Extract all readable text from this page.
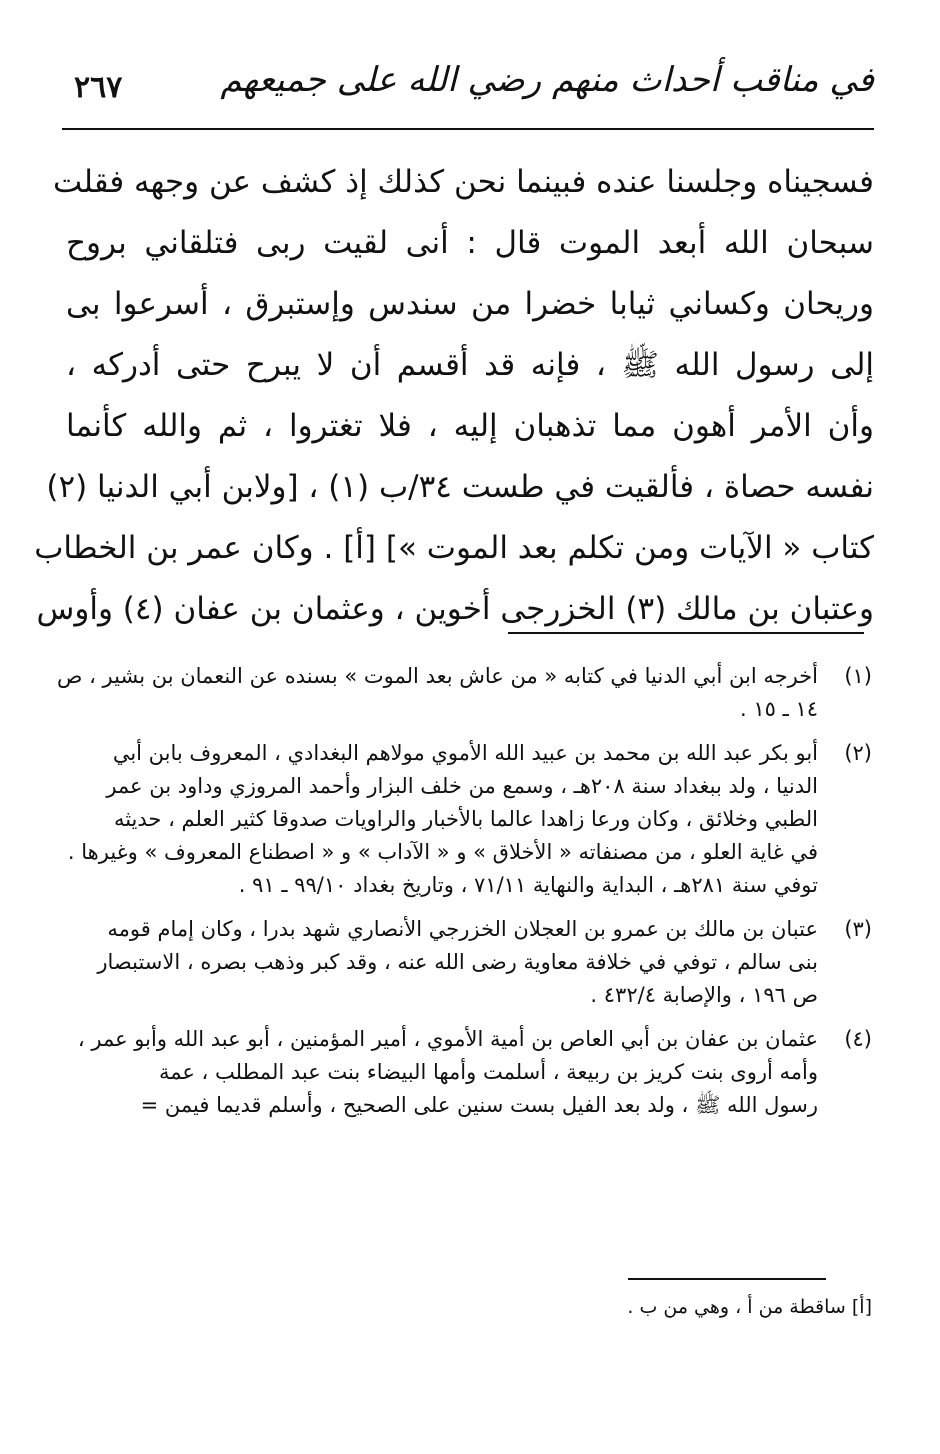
في مناقب أحداث منهم رضي الله على جميعهم
٢٦٧
فسجيناه وجلسنا عنده فبينما نحن كذلك إذ كشف عن وجهه فقلت
سبحان الله أبعد الموت قال : أنى لقيت ربى فتلقاني بروح
وريحان وكساني ثيابا خضرا من سندس وإستبرق ، أسرعوا بى
إلى رسول الله ﷺ ، فإنه قد أقسم أن لا يبرح حتى أدركه ،
وأن الأمر أهون مما تذهبان إليه ، فلا تغتروا ، ثم والله كأنما
نفسه حصاة ، فألقيت في طست ٣٤/ب (١) ، [ولابن أبي الدنيا (٢)
كتاب « الآيات ومن تكلم بعد الموت »] [أ] . وكان عمر بن الخطاب
وعتبان بن مالك (٣) الخزرجى أخوين ، وعثمان بن عفان (٤) وأوس
(١)
أخرجه ابن أبي الدنيا في كتابه « من عاش بعد الموت » بسنده عن النعمان بن بشير ، ص
١٤ ـ ١٥ .
(٢)
أبو بكر عبد الله بن محمد بن عبيد الله الأموي مولاهم البغدادي ، المعروف بابن أبي
الدنيا ، ولد ببغداد سنة ٢٠٨هـ ، وسمع من خلف البزار وأحمد المروزي وداود بن عمر
الطبي وخلائق ، وكان ورعا زاهدا عالما بالأخبار والراويات صدوقا كثير العلم ، حديثه
في غاية العلو ، من مصنفاته « الأخلاق » و « الآداب » و « اصطناع المعروف » وغيرها .
توفي سنة ٢٨١هـ ، البداية والنهاية ٧١/١١ ، وتاريخ بغداد ٩٩/١٠ ـ ٩١ .
(٣)
عتبان بن مالك بن عمرو بن العجلان الخزرجي الأنصاري شهد بدرا ، وكان إمام قومه
بنى سالم ، توفي في خلافة معاوية رضى الله عنه ، وقد كبر وذهب بصره ، الاستبصار
ص ١٩٦ ، والإصابة ٤٣٢/٤ .
(٤)
عثمان بن عفان بن أبي العاص بن أمية الأموي ، أمير المؤمنين ، أبو عبد الله وأبو عمر ،
وأمه أروى بنت كريز بن ربيعة ، أسلمت وأمها البيضاء بنت عبد المطلب ، عمة
رسول الله ﷺ ، ولد بعد الفيل بست سنين على الصحيح ، وأسلم قديما فيمن =
[أ] ساقطة من أ ، وهي من ب .
